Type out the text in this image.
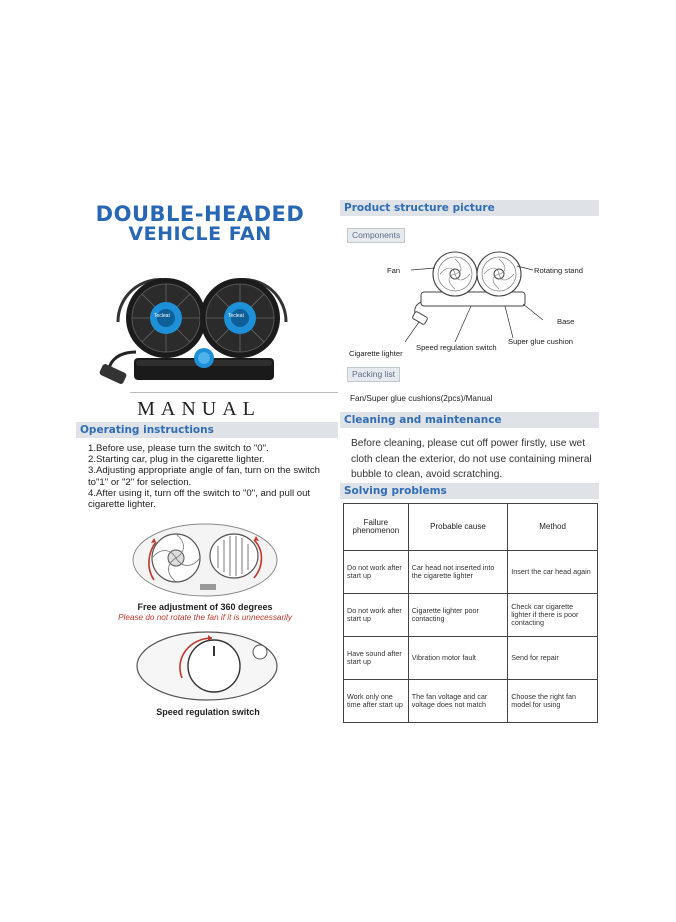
DOUBLE-HEADED
VEHICLE FAN
Tecleat	Tecleat
MANUAL
Operating instructions
1.Before use, please turn the switch to "0".
2.Starting car, plug in the cigarette lighter.
3.Adjusting appropriate angle of fan, turn on the switch to"1" or "2" for selection.
4.After using it, turn off the switch to "0", and pull out cigarette lighter.
Free adjustment of 360 degrees
Please do not rotate the fan if it is unnecessarily
Speed regulation switch
Product structure picture
Components
Fan	Rotating stand
Base
Super glue cushion
Speed regulation switch
Cigarette lighter
Packing list
Fan/Super glue cushions(2pcs)/Manual
Cleaning and maintenance
Before cleaning, please cut off power firstly, use wet cloth clean the exterior, do not use containing mineral bubble to clean, avoid scratching.
Solving problems
Failure phenomenon	Probable cause	Method
Do not work after start up	Car head not inserted into the cigarette lighter	Insert the car head again
Do not work after start up	Cigarette lighter poor contacting	Check car cigarette lighter if there is poor contacting
Have sound after start up	Vibration motor fault	Send for repair
Work only one time after start up	The fan voltage and car voltage does not match	Choose the right fan model for using
